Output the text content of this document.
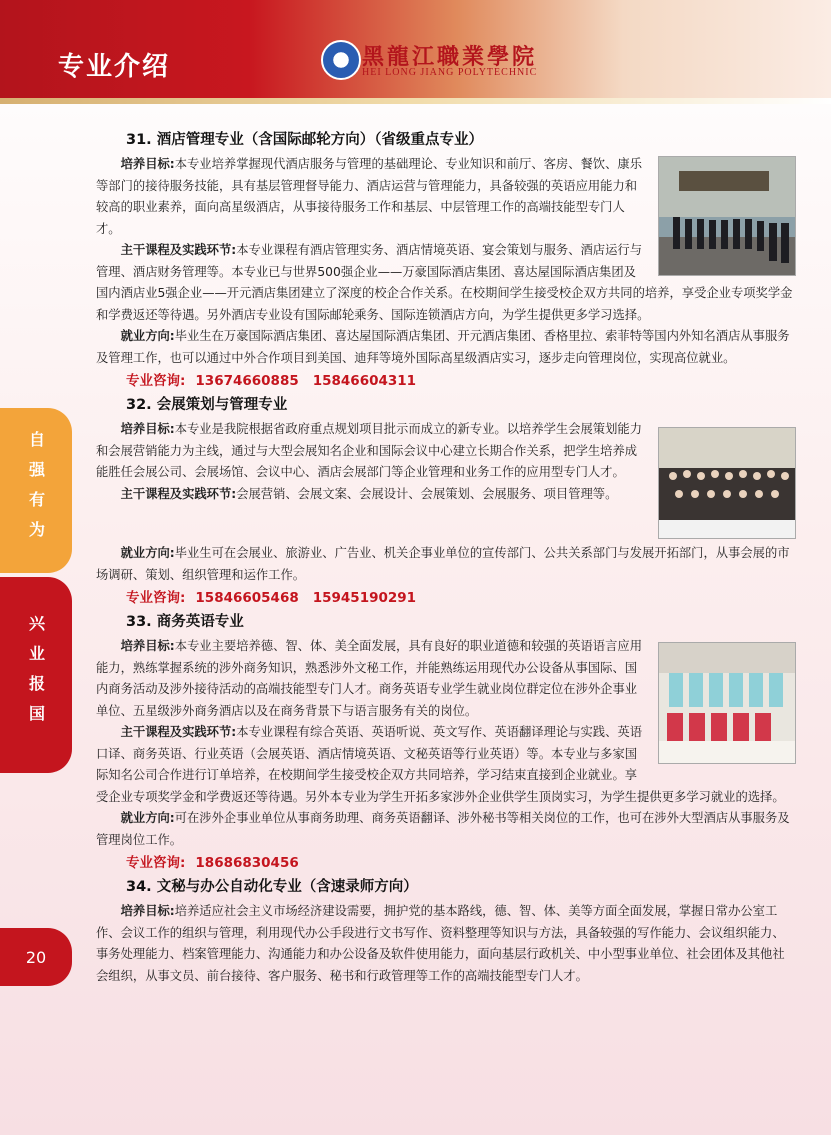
专业介绍	黑龍江職業學院
HEI LONG JIANG POLYTECHNIC
自强有为
兴业报国
20
31. 酒店管理专业（含国际邮轮方向）（省级重点专业）

培养目标:本专业培养掌握现代酒店服务与管理的基础理论、专业知识和前厅、客房、餐饮、康乐等部门的接待服务技能，具有基层管理督导能力、酒店运营与管理能力，具备较强的英语应用能力和较高的职业素养，面向高星级酒店，从事接待服务工作和基层、中层管理工作的高端技能型专门人才。

主干课程及实践环节:本专业课程有酒店管理实务、酒店情境英语、宴会策划与服务、酒店运行与管理、酒店财务管理等。本专业已与世界500强企业——万豪国际酒店集团、喜达屋国际酒店集团及国内酒店业5强企业——开元酒店集团建立了深度的校企合作关系。在校期间学生接受校企双方共同的培养，享受企业专项奖学金和学费返还等待遇。另外酒店专业设有国际邮轮乘务、国际连锁酒店方向，为学生提供更多学习选择。

就业方向:毕业生在万豪国际酒店集团、喜达屋国际酒店集团、开元酒店集团、香格里拉、索菲特等国内外知名酒店从事服务及管理工作，也可以通过中外合作项目到美国、迪拜等境外国际高星级酒店实习，逐步走向管理岗位，实现高位就业。

专业咨询: 13674660885 15846604311
32. 会展策划与管理专业

培养目标:本专业是我院根据省政府重点规划项目批示而成立的新专业。以培养学生会展策划能力和会展营销能力为主线，通过与大型会展知名企业和国际会议中心建立长期合作关系，把学生培养成能胜任会展公司、会展场馆、会议中心、酒店会展部门等企业管理和业务工作的应用型专门人才。

主干课程及实践环节:会展营销、会展文案、会展设计、会展策划、会展服务、项目管理等。

就业方向:毕业生可在会展业、旅游业、广告业、机关企事业单位的宣传部门、公共关系部门与发展开拓部门，从事会展的市场调研、策划、组织管理和运作工作。

专业咨询: 15846605468 15945190291
33. 商务英语专业

培养目标:本专业主要培养德、智、体、美全面发展，具有良好的职业道德和较强的英语语言应用能力，熟练掌握系统的涉外商务知识，熟悉涉外文秘工作，并能熟练运用现代办公设备从事国际、国内商务活动及涉外接待活动的高端技能型专门人才。商务英语专业学生就业岗位群定位在涉外企事业单位、五星级涉外商务酒店以及在商务背景下与语言服务有关的岗位。

主干课程及实践环节:本专业课程有综合英语、英语听说、英文写作、英语翻译理论与实践、英语口译、商务英语、行业英语（会展英语、酒店情境英语、文秘英语等行业英语）等。本专业与多家国际知名公司合作进行订单培养，在校期间学生接受校企双方共同培养，学习结束直接到企业就业。享受企业专项奖学金和学费返还等待遇。另外本专业为学生开拓多家涉外企业供学生顶岗实习，为学生提供更多学习就业的选择。

就业方向:可在涉外企事业单位从事商务助理、商务英语翻译、涉外秘书等相关岗位的工作，也可在涉外大型酒店从事服务及管理岗位工作。

专业咨询: 18686830456
34. 文秘与办公自动化专业（含速录师方向）

培养目标:培养适应社会主义市场经济建设需要，拥护党的基本路线，德、智、体、美等方面全面发展，掌握日常办公室工作、会议工作的组织与管理，利用现代办公手段进行文书写作、资料整理等知识与方法，具备较强的写作能力、会议组织能力、事务处理能力、档案管理能力、沟通能力和办公设备及软件使用能力，面向基层行政机关、中小型事业单位、社会团体及其他社会组织，从事文员、前台接待、客户服务、秘书和行政管理等工作的高端技能型专门人才。
